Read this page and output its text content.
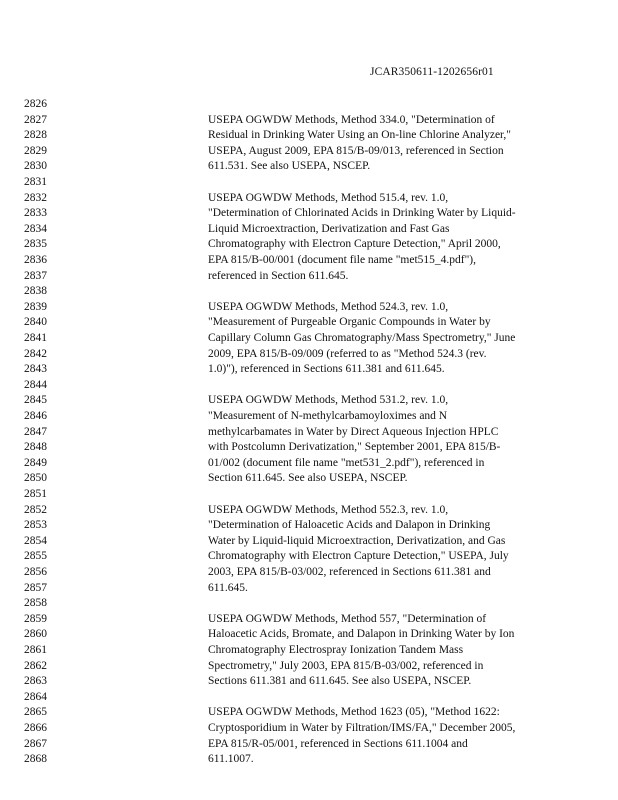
JCAR350611-1202656r01
2826
2827	USEPA OGWDW Methods, Method 334.0, "Determination of
2828	Residual in Drinking Water Using an On-line Chlorine Analyzer,"
2829	USEPA, August 2009, EPA 815/B-09/013, referenced in Section
2830	611.531. See also USEPA, NSCEP.
2831
2832	USEPA OGWDW Methods, Method 515.4, rev. 1.0,
2833	"Determination of Chlorinated Acids in Drinking Water by Liquid-
2834	Liquid Microextraction, Derivatization and Fast Gas
2835	Chromatography with Electron Capture Detection," April 2000,
2836	EPA 815/B-00/001 (document file name "met515_4.pdf"),
2837	referenced in Section 611.645.
2838
2839	USEPA OGWDW Methods, Method 524.3, rev. 1.0,
2840	"Measurement of Purgeable Organic Compounds in Water by
2841	Capillary Column Gas Chromatography/Mass Spectrometry," June
2842	2009, EPA 815/B-09/009 (referred to as "Method 524.3 (rev.
2843	1.0)"), referenced in Sections 611.381 and 611.645.
2844
2845	USEPA OGWDW Methods, Method 531.2, rev. 1.0,
2846	"Measurement of N-methylcarbamoyloximes and N
2847	methylcarbamates in Water by Direct Aqueous Injection HPLC
2848	with Postcolumn Derivatization," September 2001, EPA 815/B-
2849	01/002 (document file name "met531_2.pdf"), referenced in
2850	Section 611.645. See also USEPA, NSCEP.
2851
2852	USEPA OGWDW Methods, Method 552.3, rev. 1.0,
2853	"Determination of Haloacetic Acids and Dalapon in Drinking
2854	Water by Liquid-liquid Microextraction, Derivatization, and Gas
2855	Chromatography with Electron Capture Detection," USEPA, July
2856	2003, EPA 815/B-03/002, referenced in Sections 611.381 and
2857	611.645.
2858
2859	USEPA OGWDW Methods, Method 557, "Determination of
2860	Haloacetic Acids, Bromate, and Dalapon in Drinking Water by Ion
2861	Chromatography Electrospray Ionization Tandem Mass
2862	Spectrometry," July 2003, EPA 815/B-03/002, referenced in
2863	Sections 611.381 and 611.645. See also USEPA, NSCEP.
2864
2865	USEPA OGWDW Methods, Method 1623 (05), "Method 1622:
2866	Cryptosporidium in Water by Filtration/IMS/FA," December 2005,
2867	EPA 815/R-05/001, referenced in Sections 611.1004 and
2868	611.1007.
